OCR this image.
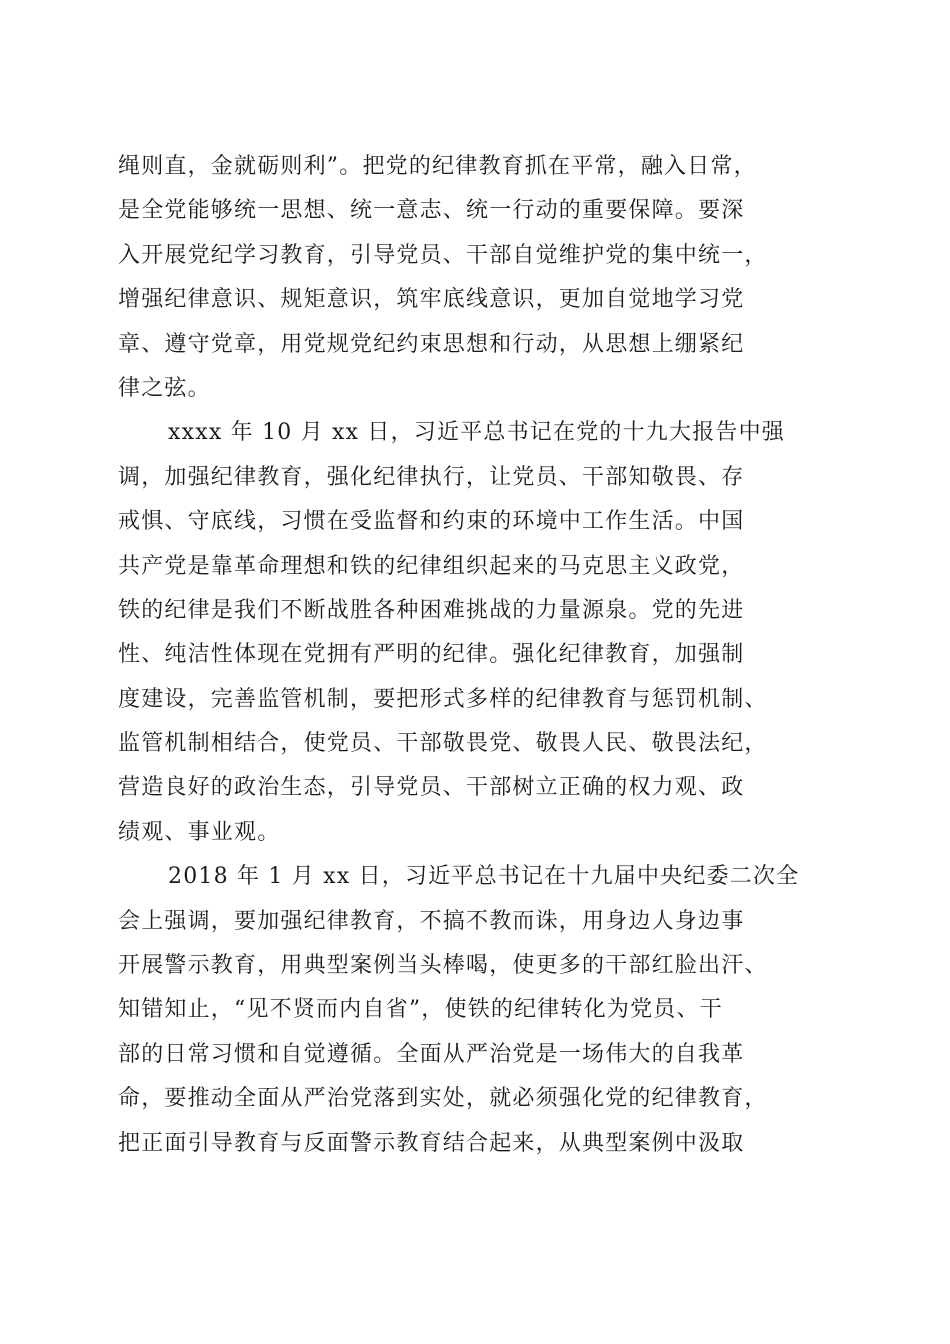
绳则直，金就砺则利”。把党的纪律教育抓在平常，融入日常，
是全党能够统一思想、统一意志、统一行动的重要保障。要深
入开展党纪学习教育，引导党员、干部自觉维护党的集中统一，
增强纪律意识、规矩意识，筑牢底线意识，更加自觉地学习党
章、遵守党章，用党规党纪约束思想和行动，从思想上绷紧纪
律之弦。
xxxx 年 10 月 xx 日，习近平总书记在党的十九大报告中强
调，加强纪律教育，强化纪律执行，让党员、干部知敬畏、存
戒惧、守底线，习惯在受监督和约束的环境中工作生活。中国
共产党是靠革命理想和铁的纪律组织起来的马克思主义政党，
铁的纪律是我们不断战胜各种困难挑战的力量源泉。党的先进
性、纯洁性体现在党拥有严明的纪律。强化纪律教育，加强制
度建设，完善监管机制，要把形式多样的纪律教育与惩罚机制、
监管机制相结合，使党员、干部敬畏党、敬畏人民、敬畏法纪，
营造良好的政治生态，引导党员、干部树立正确的权力观、政
绩观、事业观。
2018 年 1 月 xx 日，习近平总书记在十九届中央纪委二次全
会上强调，要加强纪律教育，不搞不教而诛，用身边人身边事
开展警示教育，用典型案例当头棒喝，使更多的干部红脸出汗、
知错知止，“见不贤而内自省”，使铁的纪律转化为党员、干
部的日常习惯和自觉遵循。全面从严治党是一场伟大的自我革
命，要推动全面从严治党落到实处，就必须强化党的纪律教育，
把正面引导教育与反面警示教育结合起来，从典型案例中汲取
